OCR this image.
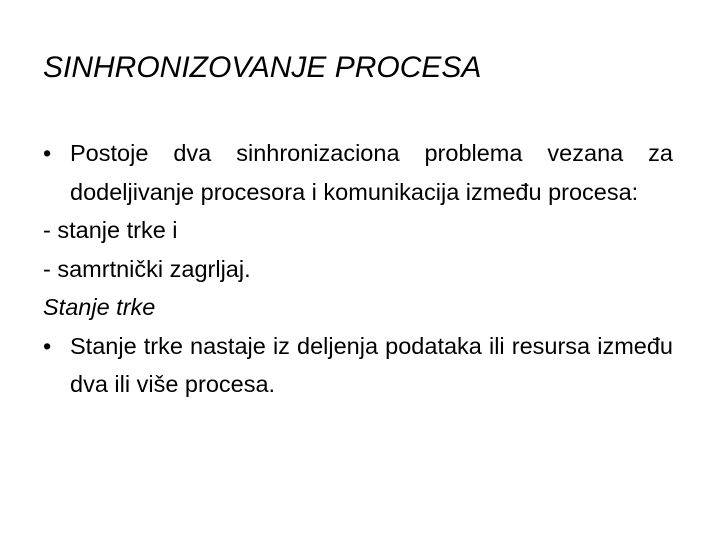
SINHRONIZOVANJE PROCESA
• Postoje dva sinhronizaciona problema vezana za dodeljivanje procesora i komunikacija između procesa:
- stanje trke i
- samrtnički zagrljaj.
Stanje trke
• Stanje trke nastaje iz deljenja podataka ili resursa između dva ili više procesa.
